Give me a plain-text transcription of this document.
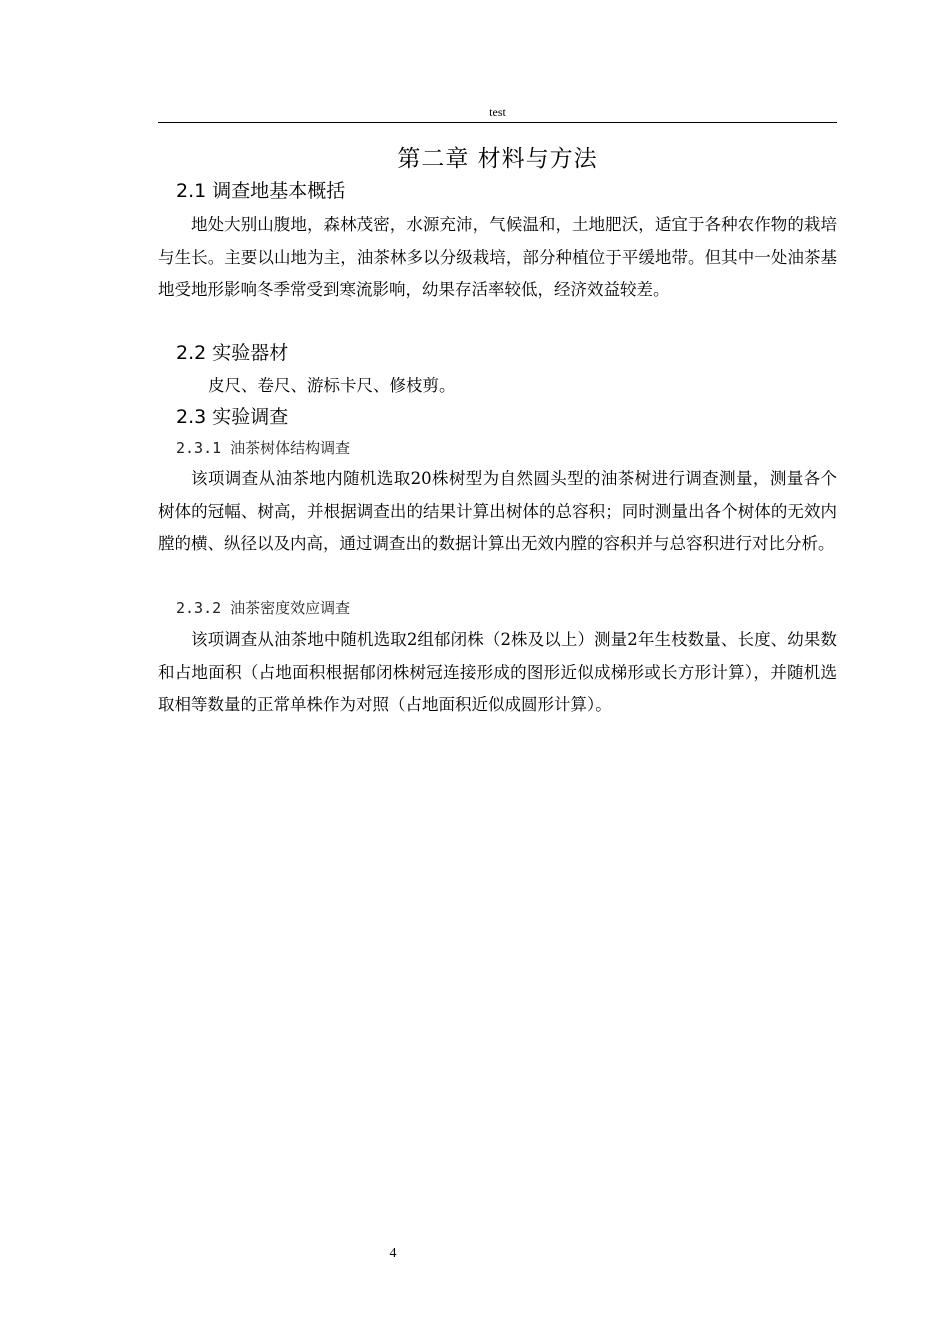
test
第二章 材料与方法
2.1 调查地基本概括

地处大别山腹地，森林茂密，水源充沛，气候温和，土地肥沃，适宜于各种农作物的栽培与生长。主要以山地为主，油茶林多以分级栽培，部分种植位于平缓地带。但其中一处油茶基地受地形影响冬季常受到寒流影响，幼果存活率较低，经济效益较差。

2.2 实验器材

皮尺、卷尺、游标卡尺、修枝剪。

2.3 实验调查
2.3.1 油茶树体结构调查

该项调查从油茶地内随机选取20株树型为自然圆头型的油茶树进行调查测量，测量各个树体的冠幅、树高，并根据调查出的结果计算出树体的总容积；同时测量出各个树体的无效内膛的横、纵径以及内高，通过调查出的数据计算出无效内膛的容积并与总容积进行对比分析。

2.3.2 油茶密度效应调查

该项调查从油茶地中随机选取2组郁闭株（2株及以上）测量2年生枝数量、长度、幼果数和占地面积（占地面积根据郁闭株树冠连接形成的图形近似成梯形或长方形计算），并随机选取相等数量的正常单株作为对照（占地面积近似成圆形计算）。

4
